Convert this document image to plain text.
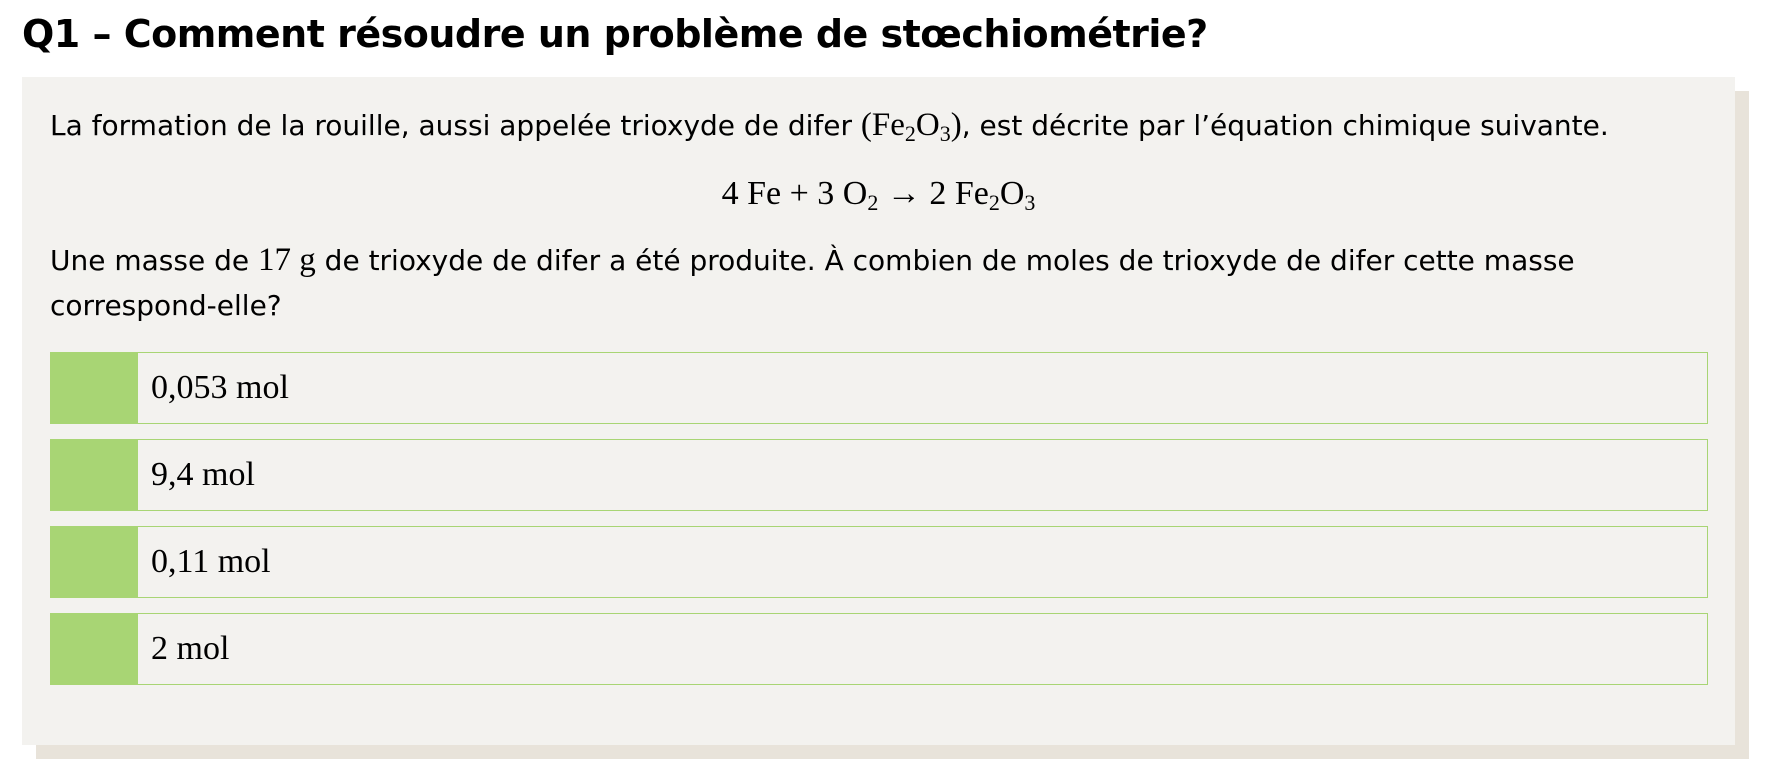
Q1 – Comment résoudre un problème de stœchiométrie?

La formation de la rouille, aussi appelée trioxyde de difer $(Fe_2O_3)$, est décrite par l’équation chimique suivante.

4 Fe + 3 $O_2 \to 2$ $Fe_2O_3$

Une masse de 17 g de trioxyde de difer a été produite. À combien de moles de trioxyde de difer cette masse correspond-elle?

0,053 mol
9,4 mol
0,11 mol
2 mol
